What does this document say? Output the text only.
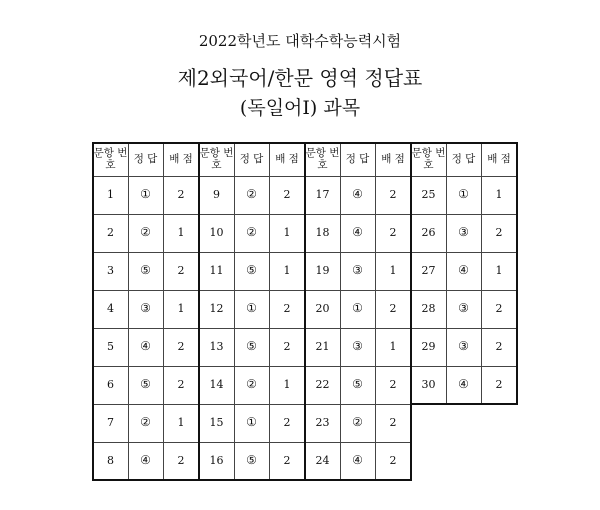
2022학년도 대학수학능력시험
제2외국어/한문 영역 정답표
(독일어Ⅰ) 과목
문항 번호	정 답	배 점
1	①	2
2	②	1
3	⑤	2
4	③	1
5	④	2
6	⑤	2
7	②	1
8	④	2
문항 번호	정 답	배 점
9	②	2
10	②	1
11	⑤	1
12	①	2
13	⑤	2
14	②	1
15	①	2
16	⑤	2
문항 번호	정 답	배 점
17	④	2
18	④	2
19	③	1
20	①	2
21	③	1
22	⑤	2
23	②	2
24	④	2
문항 번호	정 답	배 점
25	①	1
26	③	2
27	④	1
28	③	2
29	③	2
30	④	2
